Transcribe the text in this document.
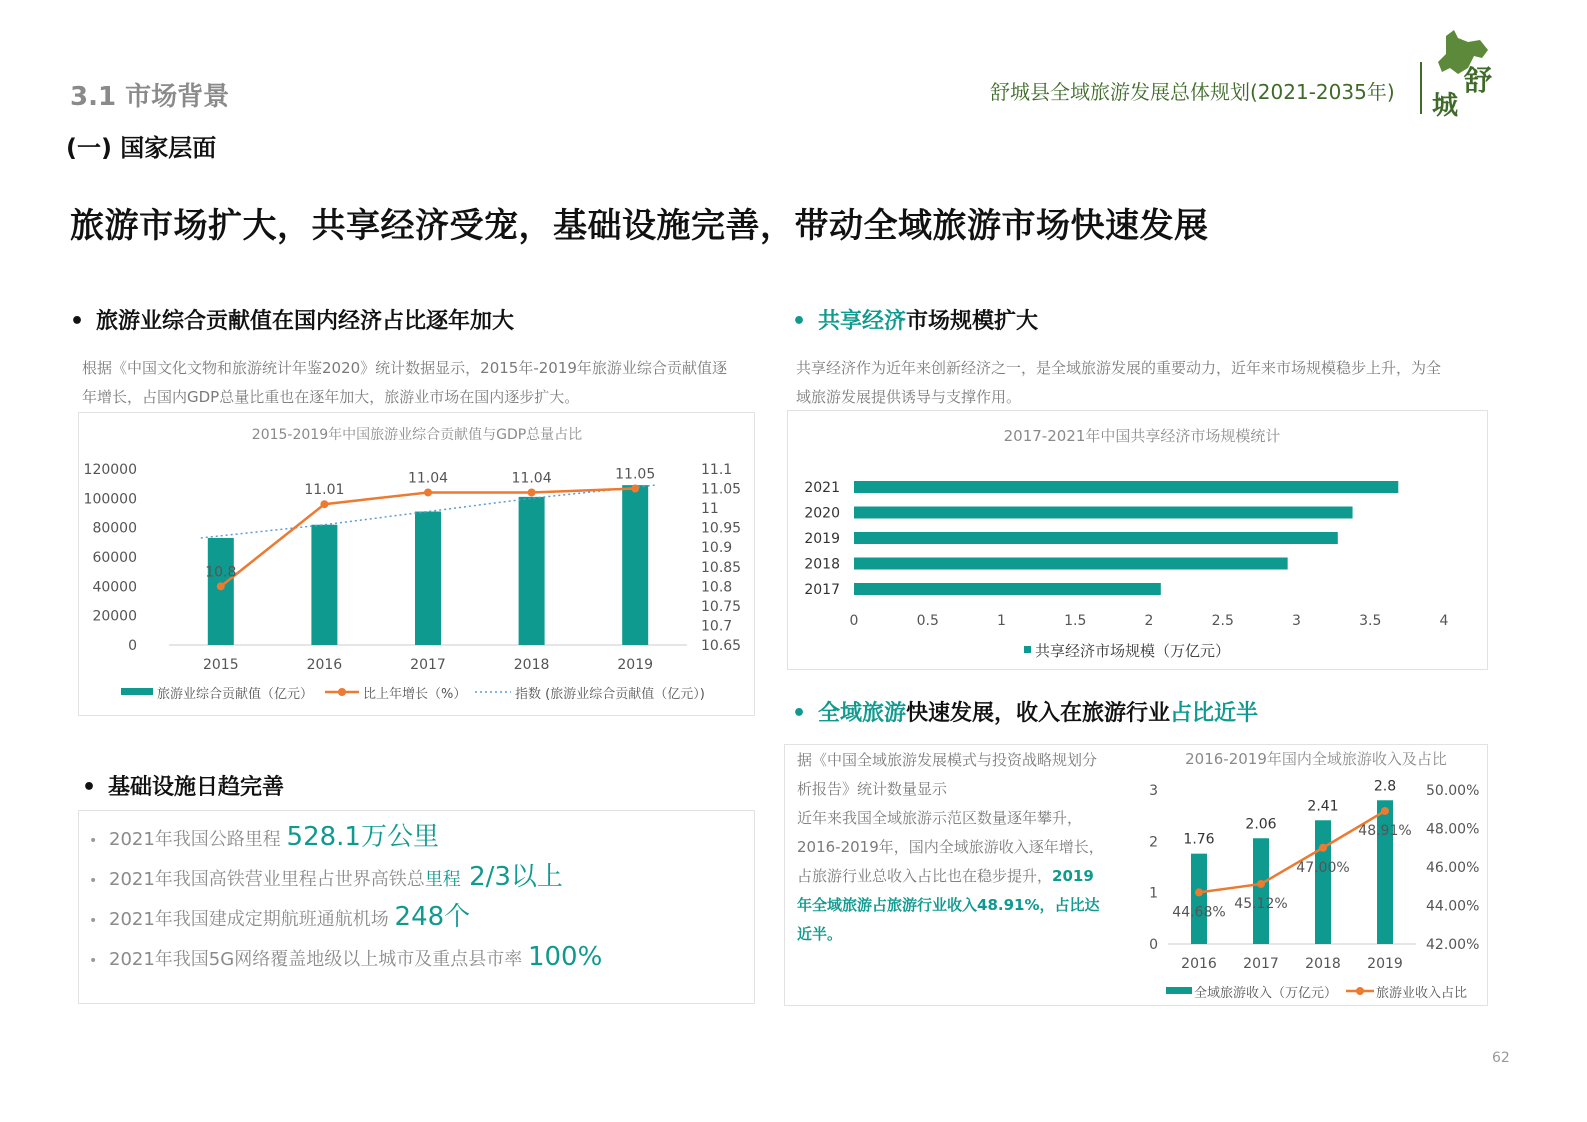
3.1 市场背景
(一) 国家层面
舒城县全域旅游发展总体规划(2021-2035年) 舒
城
旅游市场扩大，共享经济受宠，基础设施完善，带动全域旅游市场快速发展
• 旅游业综合贡献值在国内经济占比逐年加大
根据《中国文化文物和旅游统计年鉴2020》统计数据显示，2015年-2019年旅游业综合贡献值逐
年增长，占国内GDP总量比重也在逐年加大，旅游业市场在国内逐步扩大。
2015-2019年中国旅游业综合贡献值与GDP总量占比
0
20000
40000
60000
80000
100000
120000
10.65
10.7
10.75
10.8
10.85
10.9
10.95
11
11.05
11.1
2015	2016	2017	2018	2019
10.8
11.01
11.04	11.04	11.05
旅游业综合贡献值（亿元）	比上年增长（%）	指数 (旅游业综合贡献值（亿元）)
• 共享经济市场规模扩大
共享经济作为近年来创新经济之一，是全域旅游发展的重要动力，近年来市场规模稳步上升，为全
域旅游发展提供诱导与支撑作用。
2017-2021年中国共享经济市场规模统计
2021
2020
2019
2018
2017
0	0.5	1	1.5	2	2.5	3	3.5	4
共享经济市场规模（万亿元）
• 基础设施日趋完善
• 2021年我国公路里程 528.1万公里
• 2021年我国高铁营业里程占世界高铁总里程 2/3以上
• 2021年我国建成定期航班通航机场 248个
• 2021年我国5G网络覆盖地级以上城市及重点县市率 100%
• 全域旅游快速发展，收入在旅游行业占比近半
据《中国全域旅游发展模式与投资战略规划分
析报告》统计数量显示
近年来我国全域旅游示范区数量逐年攀升，
2016-2019年，国内全域旅游收入逐年增长，
占旅游行业总收入占比也在稳步提升，2019
年全域旅游占旅游行业收入48.91%，占比达
近半。
2016-2019年国内全域旅游收入及占比
0
1
2
3
42.00%
44.00%
46.00%
48.00%
50.00%
1.76
2.06
2.41
2.8
2016 2017 2018 2019
44.68%
45.12%
47.00%
48.91%
全域旅游收入（万亿元）	旅游业收入占比
62
